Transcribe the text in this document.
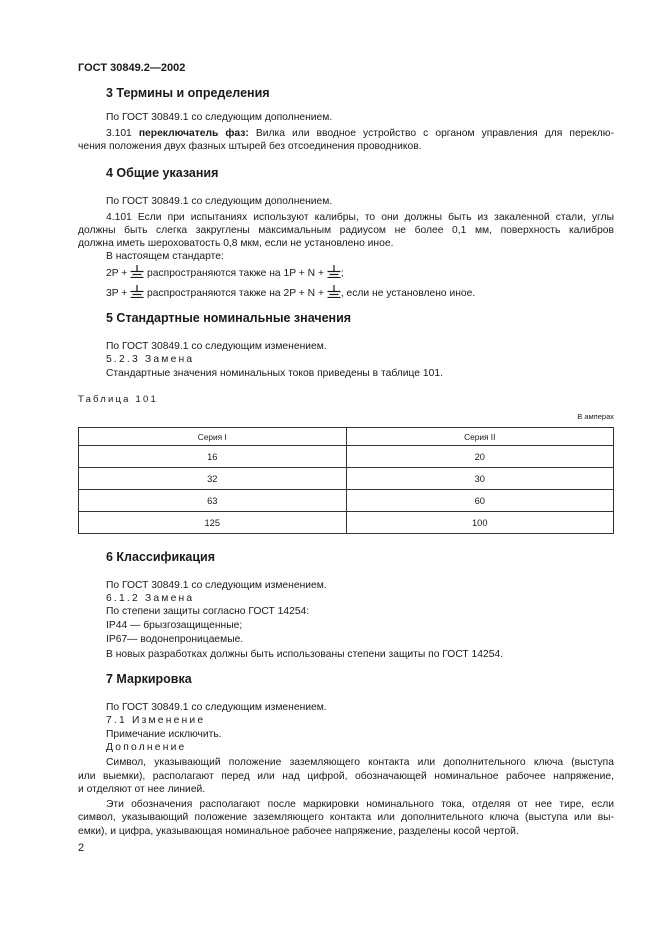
ГОСТ 30849.2—2002
3 Термины и определения
По ГОСТ 30849.1 со следующим дополнением.
3.101 переключатель фаз: Вилка или вводное устройство с органом управления для переклю-
чения положения двух фазных штырей без отсоединения проводников.
4 Общие указания
По ГОСТ 30849.1 со следующим дополнением.
4.101 Если при испытаниях используют калибры, то они должны быть из закаленной стали, углы
должны быть слегка закруглены максимальным радиусом не более 0,1 мм, поверхность калибров
должна иметь шероховатость 0,8 мкм, если не установлено иное.
В настоящем стандарте:
2P +  распространяются также на 1P + N + ;
3P +  распространяются также на 2P + N + , если не установлено иное.
5 Стандартные номинальные значения
По ГОСТ 30849.1 со следующим изменением.
5.2.3 Замена
Стандартные значения номинальных токов приведены в таблице 101.
Таблица 101
В амперах
Серия I	Серия II
16	20
32	30
63	60
125	100
6 Классификация
По ГОСТ 30849.1 со следующим изменением.
6.1.2 Замена
По степени защиты согласно ГОСТ 14254:
IP44 — брызгозащищенные;
IP67— водонепроницаемые.
В новых разработках должны быть использованы степени защиты по ГОСТ 14254.
7 Маркировка
По ГОСТ 30849.1 со следующим изменением.
7.1 Изменение
Примечание исключить.
Дополнение
Символ, указывающий положение заземляющего контакта или дополнительного ключа (выступа
или выемки), располагают перед или над цифрой, обозначающей номинальное рабочее напряжение,
и отделяют от нее линией.
Эти обозначения располагают после маркировки номинального тока, отделяя от нее тире, если
символ, указывающий положение заземляющего контакта или дополнительного ключа (выступа или вы-
емки), и цифра, указывающая номинальное рабочее напряжение, разделены косой чертой.
2
